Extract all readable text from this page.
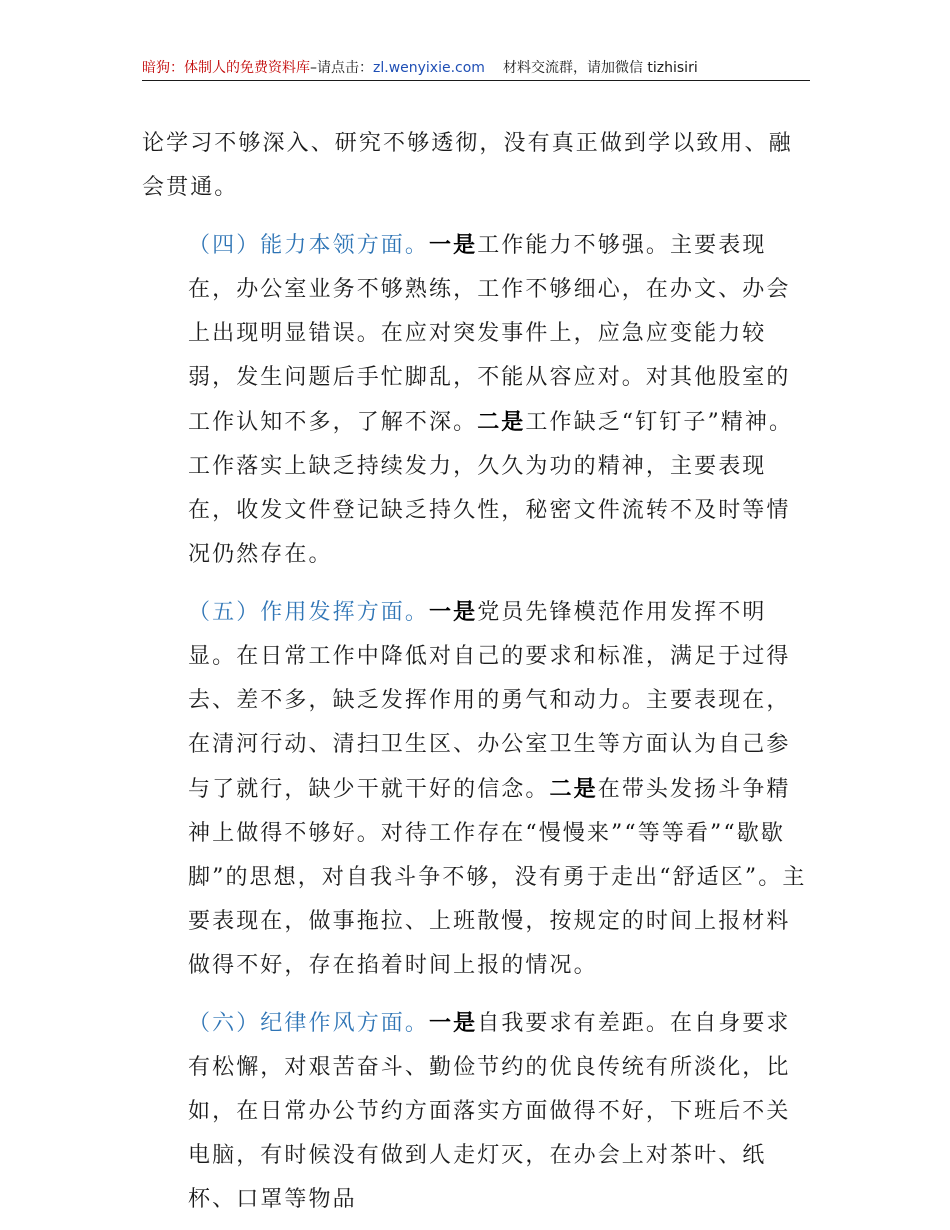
暗狗：体制人的免费资料库–请点击：zl.wenyixie.com 材料交流群，请加微信 tizhisiri

论学习不够深入、研究不够透彻，没有真正做到学以致用、融会贯通。

（四）能力本领方面。一是工作能力不够强。主要表现在，办公室业务不够熟练，工作不够细心，在办文、办会上出现明显错误。在应对突发事件上，应急应变能力较弱，发生问题后手忙脚乱，不能从容应对。对其他股室的工作认知不多，了解不深。二是工作缺乏“钉钉子”精神。工作落实上缺乏持续发力，久久为功的精神，主要表现在，收发文件登记缺乏持久性，秘密文件流转不及时等情况仍然存在。

（五）作用发挥方面。一是党员先锋模范作用发挥不明显。在日常工作中降低对自己的要求和标准，满足于过得去、差不多，缺乏发挥作用的勇气和动力。主要表现在，在清河行动、清扫卫生区、办公室卫生等方面认为自己参与了就行，缺少干就干好的信念。二是在带头发扬斗争精神上做得不够好。对待工作存在“慢慢来”“等等看”“歇歇脚”的思想，对自我斗争不够，没有勇于走出“舒适区”。主要表现在，做事拖拉、上班散慢，按规定的时间上报材料做得不好，存在掐着时间上报的情况。

（六）纪律作风方面。一是自我要求有差距。在自身要求有松懈，对艰苦奋斗、勤俭节约的优良传统有所淡化，比如，在日常办公节约方面落实方面做得不好，下班后不关电脑，有时候没有做到人走灯灭，在办会上对茶叶、纸杯、口罩等物品
